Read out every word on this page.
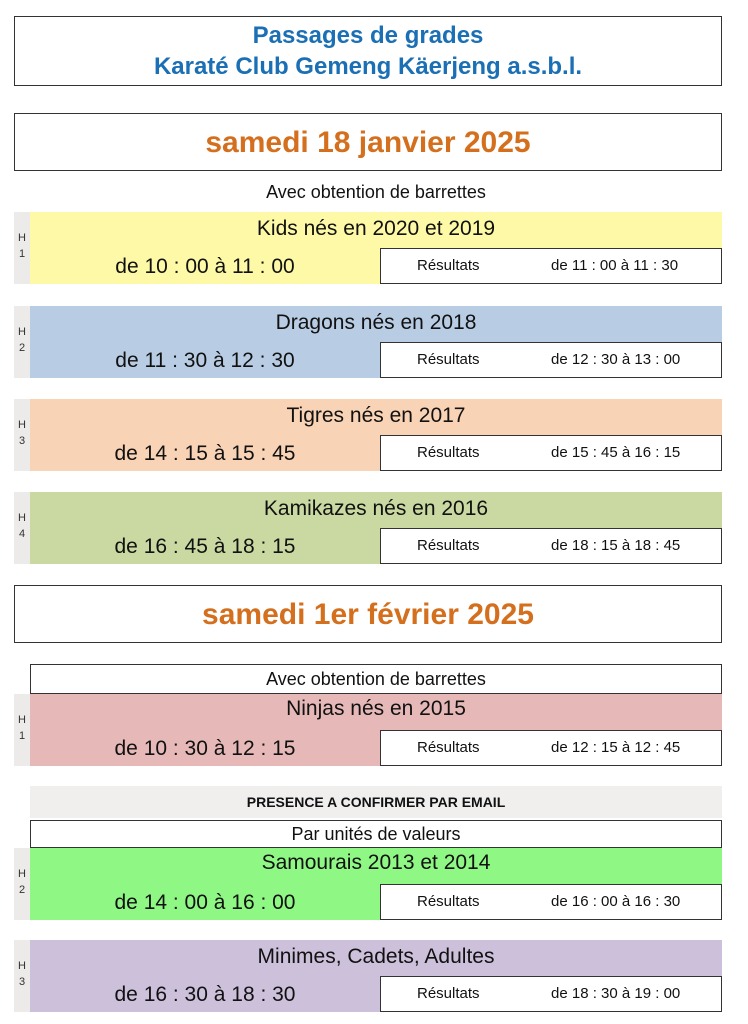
Passages de grades
Karaté Club Gemeng Käerjeng a.s.b.l.
samedi 18 janvier 2025
Avec obtention de barrettes
H
1
Kids nés en 2020 et 2019
de 10 : 00 à 11 : 00	Résultats	de 11 : 00 à 11 : 30
H
2
Dragons nés en 2018
de 11 : 30 à 12 : 30	Résultats	de 12 : 30 à 13 : 00
H
3
Tigres nés en 2017
de 14 : 15 à 15 : 45	Résultats	de 15 : 45 à 16 : 15
H
4
Kamikazes nés en 2016
de 16 : 45 à 18 : 15	Résultats	de 18 : 15 à 18 : 45
samedi 1er février 2025
Avec obtention de barrettes
H
1
Ninjas nés en 2015
de 10 : 30 à 12 : 15	Résultats	de 12 : 15 à 12 : 45
PRESENCE A CONFIRMER PAR EMAIL
Par unités de valeurs
H
2
Samourais 2013 et 2014
de 14 : 00 à 16 : 00	Résultats	de 16 : 00 à 16 : 30
H
3
Minimes, Cadets, Adultes
de 16 : 30 à 18 : 30	Résultats	de 18 : 30 à 19 : 00
